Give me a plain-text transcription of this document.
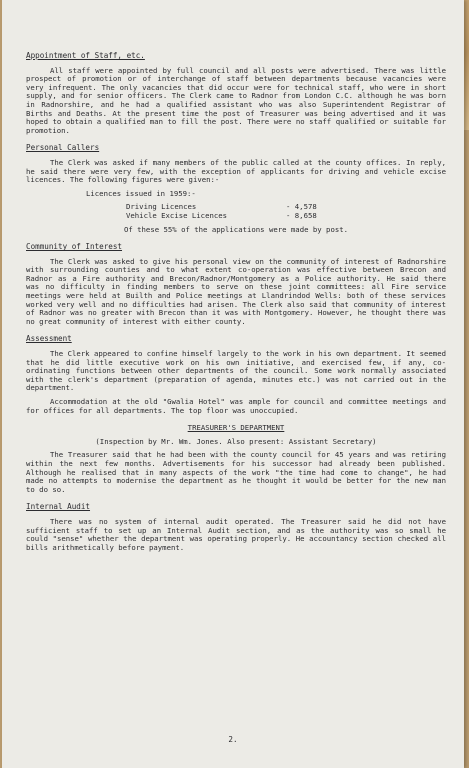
Appointment of Staff, etc.

All staff were appointed by full council and all posts were advertised. There was little prospect of promotion or of interchange of staff between departments because vacancies were very infrequent. The only vacancies that did occur were for technical staff, who were in short supply, and for senior officers. The Clerk came to Radnor from London C.C. although he was born in Radnorshire, and he had a qualified assistant who was also Superintendent Registrar of Births and Deaths. At the present time the post of Treasurer was being advertised and it was hoped to obtain a qualified man to fill the post. There were no staff qualified or suitable for promotion.

Personal Callers

The Clerk was asked if many members of the public called at the county offices. In reply, he said there were very few, with the exception of applicants for driving and vehicle excise licences. The following figures were given:-

Licences issued in 1959:-
Driving Licences	- 4,578
Vehicle Excise Licences	- 8,658
Of these 55% of the applications were made by post.
Community of Interest

The Clerk was asked to give his personal view on the community of interest of Radnorshire with surrounding counties and to what extent co-operation was effective between Brecon and Radnor as a Fire authority and Brecon/Radnor/Montgomery as a Police authority. He said there was no difficulty in finding members to serve on these joint committees: all Fire service meetings were held at Builth and Police meetings at Llandrindod Wells: both of these services worked very well and no difficulties had arisen. The Clerk also said that community of interest of Radnor was no greater with Brecon than it was with Montgomery. However, he thought there was no great community of interest with either county.

Assessment

The Clerk appeared to confine himself largely to the work in his own department. It seemed that he did little executive work on his own initiative, and exercised few, if any, co-ordinating functions between other departments of the council. Some work normally associated with the clerk's department (preparation of agenda, minutes etc.) was not carried out in the department.

Accommodation at the old "Gwalia Hotel" was ample for council and committee meetings and for offices for all departments. The top floor was unoccupied.

TREASURER'S DEPARTMENT
(Inspection by Mr. Wm. Jones. Also present: Assistant Secretary)

The Treasurer said that he had been with the county council for 45 years and was retiring within the next few months. Advertisements for his successor had already been published. Although he realised that in many aspects of the work "the time had come to change", he had made no attempts to modernise the department as he thought it would be better for the new man to do so.

Internal Audit

There was no system of internal audit operated. The Treasurer said he did not have sufficient staff to set up an Internal Audit section, and as the authority was so small he could "sense" whether the department was operating properly. He accountancy section checked all bills arithmetically before payment.

2.
